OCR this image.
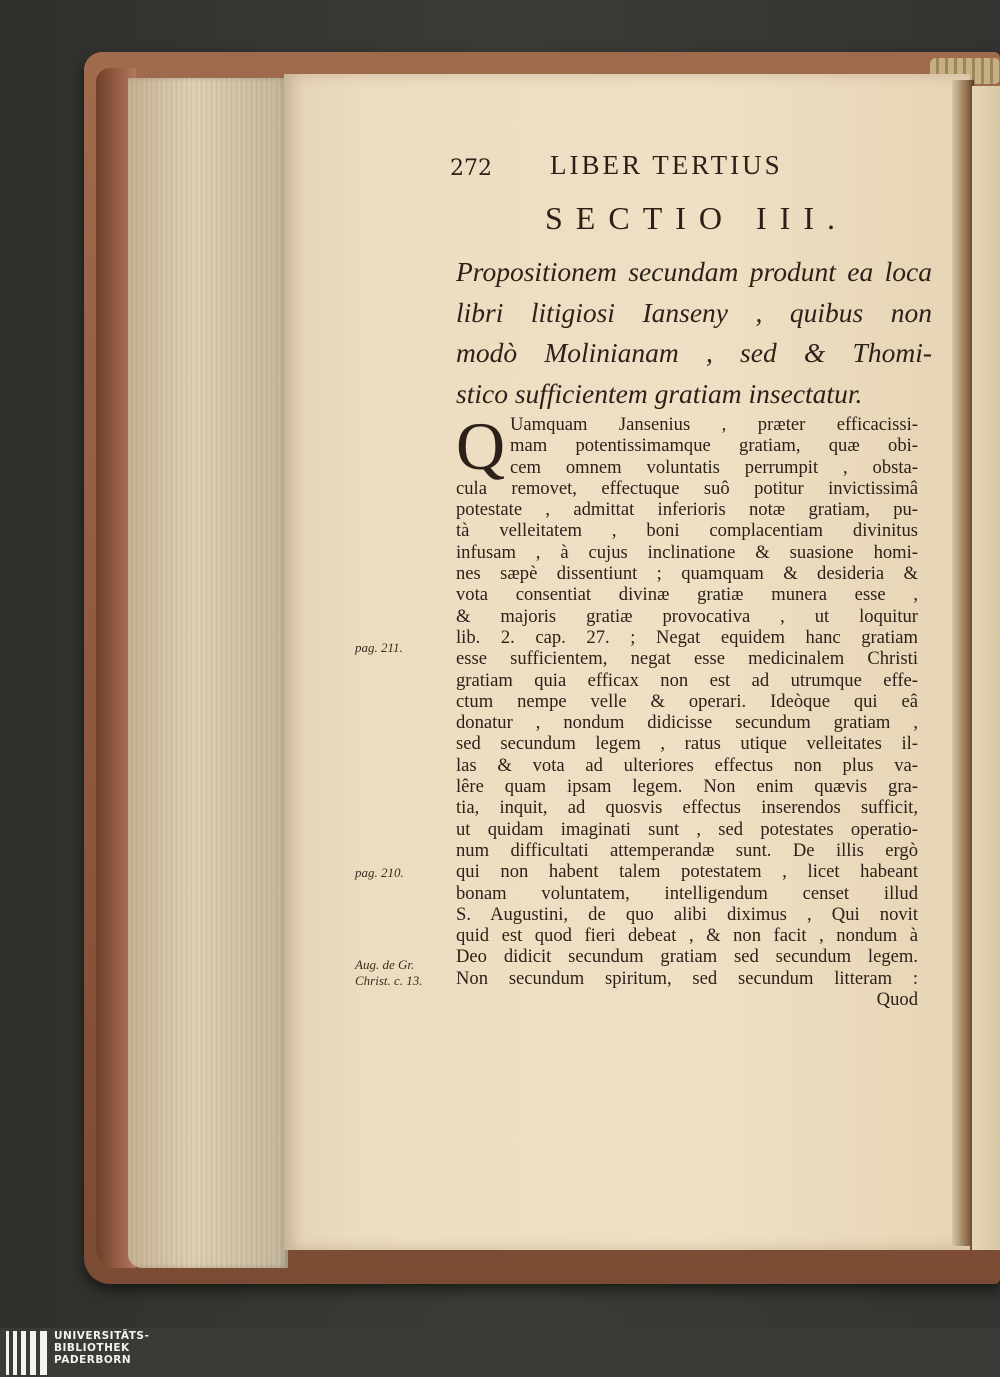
272 LIBER TERTIUS
SECTIO III.
Propositionem secundam produnt ea loca
libri litigiosi Ianseny , quibus non
modò Molinianam , sed & Thomi-
stico sufficientem gratiam insectatur.
Q Uamquam Jansenius , præter efficacissi-
mam potentissimamque gratiam, quæ obi-
cem omnem voluntatis perrumpit , obsta-
cula removet, effectuque suô potitur invictissimâ
potestate , admittat inferioris notæ gratiam, pu-
tà velleitatem , boni complacentiam divinitus
infusam , à cujus inclinatione & suasione homi-
nes sæpè dissentiunt ; quamquam & desideria &
vota consentiat divinæ gratiæ munera esse ,
& majoris gratiæ provocativa , ut loquitur
lib. 2. cap. 27. ; Negat equidem hanc gratiam
esse sufficientem, negat esse medicinalem Christi
gratiam quia efficax non est ad utrumque effe-
ctum nempe velle & operari. Ideòque qui eâ
donatur , nondum didicisse secundum gratiam ,
sed secundum legem , ratus utique velleitates il-
las & vota ad ulteriores effectus non plus va-
lêre quam ipsam legem. Non enim quævis gra-
tia, inquit, ad quosvis effectus inserendos sufficit,
ut quidam imaginati sunt , sed potestates operatio-
num difficultati attemperandæ sunt. De illis ergò
qui non habent talem potestatem , licet habeant
bonam voluntatem, intelligendum censet illud
S. Augustini, de quo alibi diximus , Qui novit
quid est quod fieri debeat , & non facit , nondum à
Deo didicit secundum gratiam sed secundum legem.
Non secundum spiritum, sed secundum litteram :
Quod
pag. 211.
pag. 210.
Aug. de Gr.
Christ. c. 13.
UNIVERSITÄTS-
BIBLIOTHEK
PADERBORN
